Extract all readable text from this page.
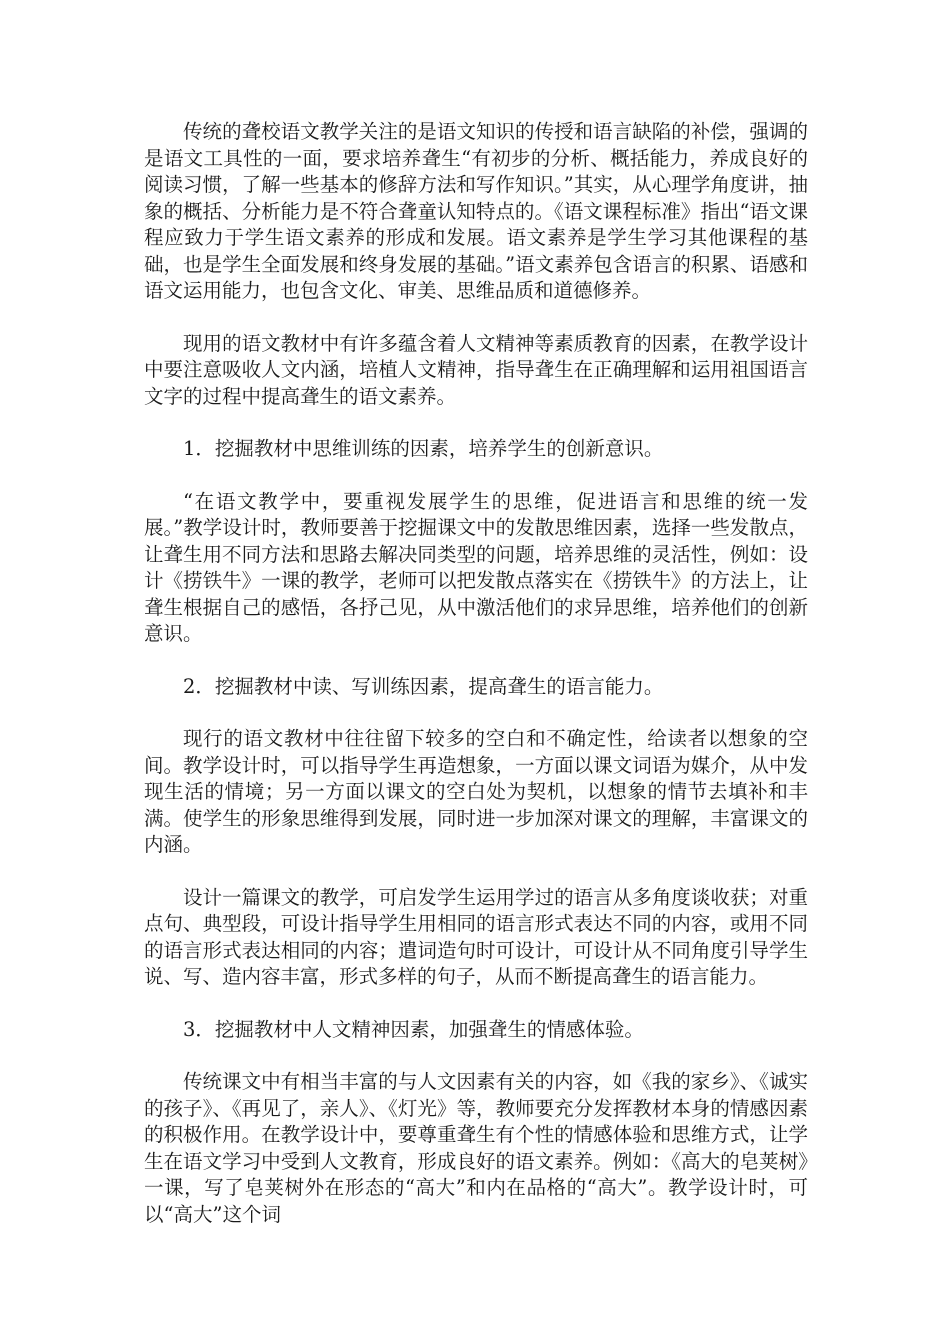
传统的聋校语文教学关注的是语文知识的传授和语言缺陷的补偿，强调的是语文工具性的一面，要求培养聋生“有初步的分析、概括能力，养成良好的阅读习惯，了解一些基本的修辞方法和写作知识。”其实，从心理学角度讲，抽象的概括、分析能力是不符合聋童认知特点的。《语文课程标准》指出“语文课程应致力于学生语文素养的形成和发展。语文素养是学生学习其他课程的基础，也是学生全面发展和终身发展的基础。”语文素养包含语言的积累、语感和语文运用能力，也包含文化、审美、思维品质和道德修养。

现用的语文教材中有许多蕴含着人文精神等素质教育的因素，在教学设计中要注意吸收人文内涵，培植人文精神，指导聋生在正确理解和运用祖国语言文字的过程中提高聋生的语文素养。

1．挖掘教材中思维训练的因素，培养学生的创新意识。

“在语文教学中，要重视发展学生的思维，促进语言和思维的统一发展。”教学设计时，教师要善于挖掘课文中的发散思维因素，选择一些发散点，让聋生用不同方法和思路去解决同类型的问题，培养思维的灵活性，例如：设计《捞铁牛》一课的教学，老师可以把发散点落实在《捞铁牛》的方法上，让聋生根据自己的感悟，各抒己见，从中激活他们的求异思维，培养他们的创新意识。

2．挖掘教材中读、写训练因素，提高聋生的语言能力。

现行的语文教材中往往留下较多的空白和不确定性，给读者以想象的空间。教学设计时，可以指导学生再造想象，一方面以课文词语为媒介，从中发现生活的情境；另一方面以课文的空白处为契机，以想象的情节去填补和丰满。使学生的形象思维得到发展，同时进一步加深对课文的理解，丰富课文的内涵。

设计一篇课文的教学，可启发学生运用学过的语言从多角度谈收获；对重点句、典型段，可设计指导学生用相同的语言形式表达不同的内容，或用不同的语言形式表达相同的内容；遣词造句时可设计，可设计从不同角度引导学生说、写、造内容丰富，形式多样的句子，从而不断提高聋生的语言能力。

3．挖掘教材中人文精神因素，加强聋生的情感体验。

传统课文中有相当丰富的与人文因素有关的内容，如《我的家乡》、《诚实的孩子》、《再见了，亲人》、《灯光》等，教师要充分发挥教材本身的情感因素的积极作用。在教学设计中，要尊重聋生有个性的情感体验和思维方式，让学生在语文学习中受到人文教育，形成良好的语文素养。例如：《高大的皂荚树》一课，写了皂荚树外在形态的“高大”和内在品格的“高大”。教学设计时，可以“高大”这个词
